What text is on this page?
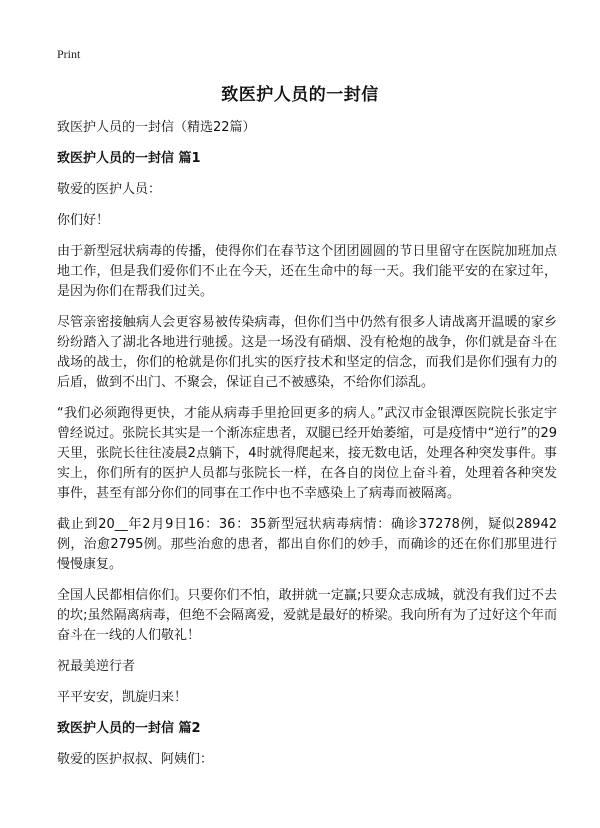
Print
致医护人员的一封信

致医护人员的一封信（精选22篇）

致医护人员的一封信 篇1

敬爱的医护人员：

你们好！

由于新型冠状病毒的传播，使得你们在春节这个团团圆圆的节日里留守在医院加班加点地工作，但是我们爱你们不止在今天，还在生命中的每一天。我们能平安的在家过年，是因为你们在帮我们过关。

尽管亲密接触病人会更容易被传染病毒，但你们当中仍然有很多人请战离开温暖的家乡纷纷踏入了湖北各地进行驰援。这是一场没有硝烟、没有枪炮的战争，你们就是奋斗在战场的战士，你们的枪就是你们扎实的医疗技术和坚定的信念，而我们是你们强有力的后盾，做到不出门、不聚会，保证自己不被感染，不给你们添乱。

“我们必须跑得更快，才能从病毒手里抢回更多的病人。”武汉市金银潭医院院长张定宇曾经说过。张院长其实是一个渐冻症患者，双腿已经开始萎缩，可是疫情中“逆行”的29天里，张院长往往凌晨2点躺下，4时就得爬起来，接无数电话，处理各种突发事件。事实上，你们所有的医护人员都与张院长一样，在各自的岗位上奋斗着，处理着各种突发事件，甚至有部分你们的同事在工作中也不幸感染上了病毒而被隔离。

截止到20__年2月9日16：36：35新型冠状病毒病情：确诊37278例，疑似28942例，治愈2795例。那些治愈的患者，都出自你们的妙手，而确诊的还在你们那里进行慢慢康复。

全国人民都相信你们。只要你们不怕，敢拼就一定赢;只要众志成城，就没有我们过不去的坎;虽然隔离病毒，但绝不会隔离爱，爱就是最好的桥梁。我向所有为了过好这个年而奋斗在一线的人们敬礼！

祝最美逆行者

平平安安，凯旋归来！

致医护人员的一封信 篇2

敬爱的医护叔叔、阿姨们：
